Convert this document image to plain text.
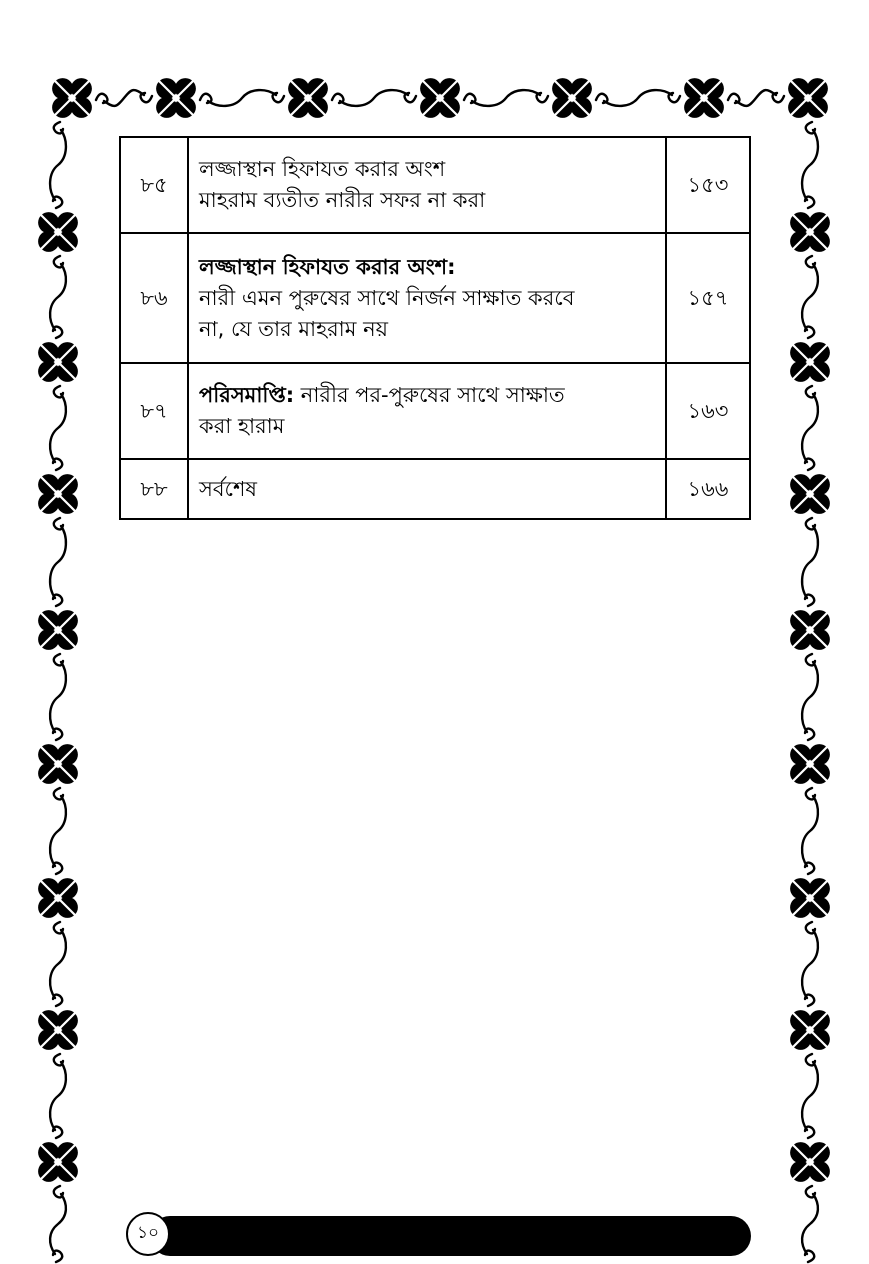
৮৫	লজ্জাস্থান হিফাযত করার অংশ
মাহরাম ব্যতীত নারীর সফর না করা	১৫৩
৮৬	লজ্জাস্থান হিফাযত করার অংশ:
নারী এমন পুরুষের সাথে নির্জন সাক্ষাত করবে
না, যে তার মাহরাম নয়	১৫৭
৮৭	পরিসমাপ্তি: নারীর পর-পুরুষের সাথে সাক্ষাত
করা হারাম	১৬৩
৮৮	সর্বশেষ	১৬৬
১০
